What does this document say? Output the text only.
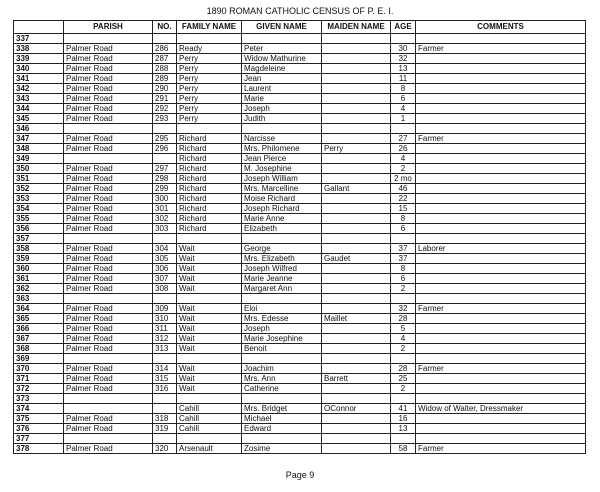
1890 ROMAN CATHOLIC CENSUS OF P. E. I.
	PARISH	NO.	FAMILY NAME	GIVEN NAME	MAIDEN NAME	AGE	COMMENTS
337							
338	Palmer Road	286	Ready	Peter		30	Farmer
339	Palmer Road	287	Perry	Widow Mathurine		32	
340	Palmer Road	288	Perry	Magdeleine		13	
341	Palmer Road	289	Perry	Jean		11	
342	Palmer Road	290	Perry	Laurent		8	
343	Palmer Road	291	Perry	Marie		6	
344	Palmer Road	292	Perry	Joseph		4	
345	Palmer Road	293	Perry	Judith		1	
346							
347	Palmer Road	295	Richard	Narcisse		27	Farmer
348	Palmer Road	296	Richard	Mrs. Philomene	Perry	26	
349			Richard	Jean Pierce		4	
350	Palmer Road	297	Richard	M. Josephine		2	
351	Palmer Road	298	Richard	Joseph William		2 mo	
352	Palmer Road	299	Richard	Mrs. Marcelline	Gallant	46	
353	Palmer Road	300	Richard	Moise Richard		22	
354	Palmer Road	301	Richard	Joseph Richard		15	
355	Palmer Road	302	Richard	Marie Anne		8	
356	Palmer Road	303	Richard	Elizabeth		6	
357							
358	Palmer Road	304	Wait	George		37	Laborer
359	Palmer Road	305	Wait	Mrs. Elizabeth	Gaudet	37	
360	Palmer Road	306	Wait	Joseph Wilfred		8	
361	Palmer Road	307	Wait	Marie Jeanne		6	
362	Palmer Road	308	Wait	Margaret Ann		2	
363							
364	Palmer Road	309	Wait	Eloi		32	Farmer
365	Palmer Road	310	Wait	Mrs. Edesse	Maillet	28	
366	Palmer Road	311	Wait	Joseph		5	
367	Palmer Road	312	Wait	Marie Josephine		4	
368	Palmer Road	313	Wait	Benoit		2	
369							
370	Palmer Road	314	Wait	Joachim		28	Farmer
371	Palmer Road	315	Wait	Mrs. Ann	Barrett	25	
372	Palmer Road	316	Wait	Catherine		2	
373							
374			Cahill	Mrs. Bridget	OConnor	41	Widow of Walter, Dressmaker
375	Palmer Road	318	Cahill	Michael		16	
376	Palmer Road	319	Cahill	Edward		13	
377							
378	Palmer Road	320	Arsenault	Zosime		58	Farmer
Page 9
